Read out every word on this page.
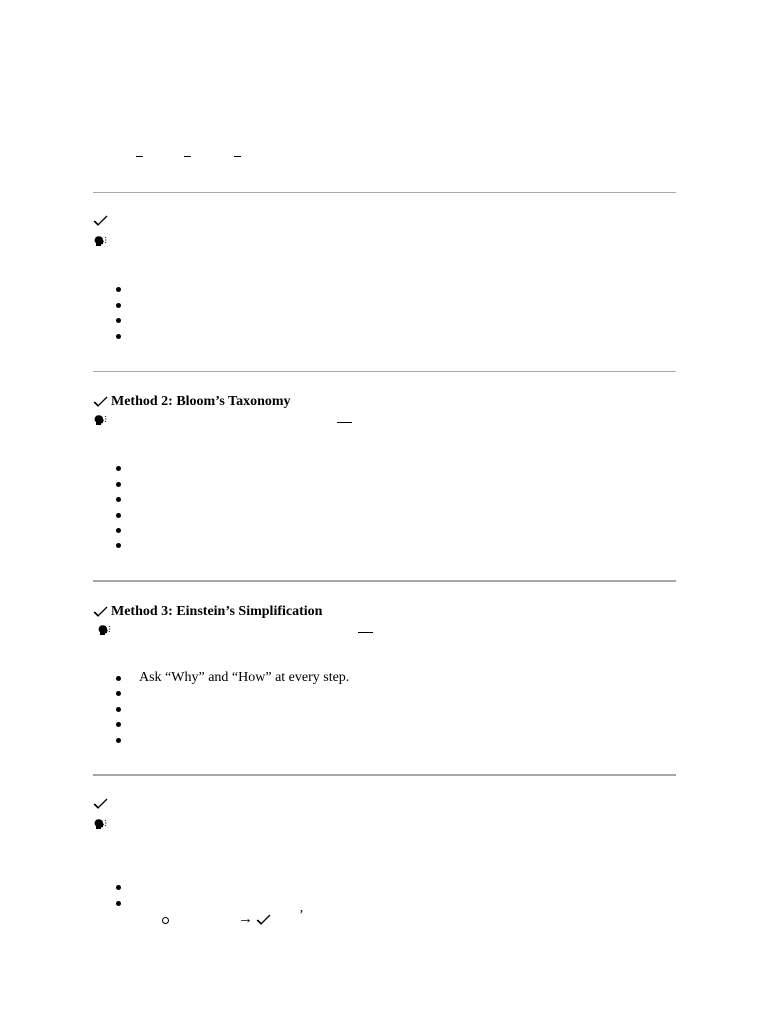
Method 2: Bloom’s Taxonomy
Method 3: Einstein’s Simplification
Ask “Why” and “How” at every step.
→	’
